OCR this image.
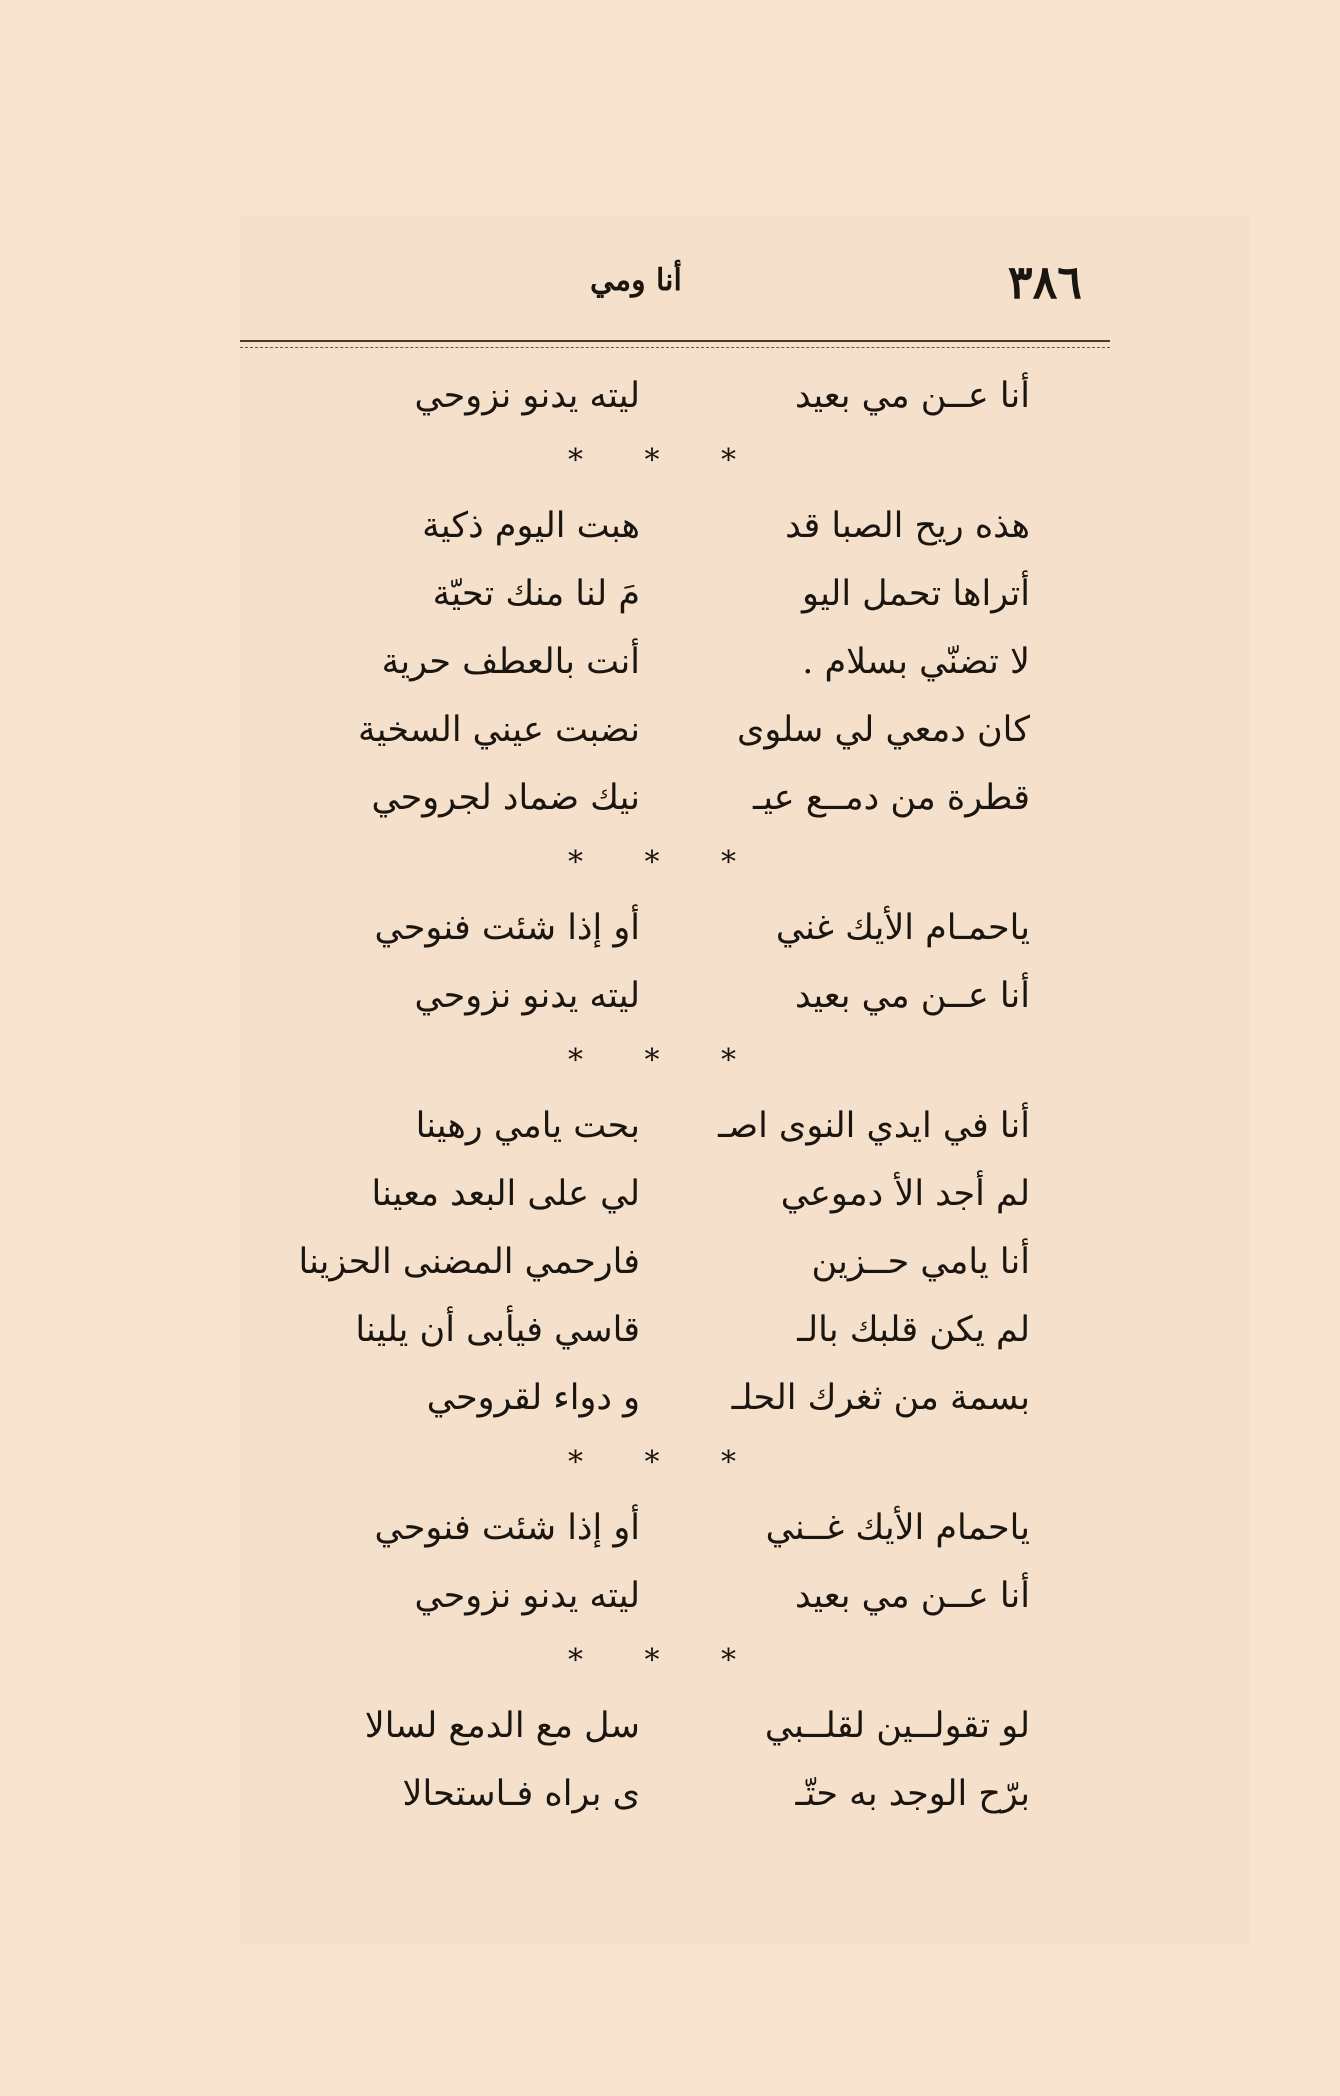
٣٨٦
أنا ومي
أنا عــن مي بعيد
ليته يدنو نزوحي
* * *
هذه ريح الصبا قد
هبت اليوم ذكية
أتراها تحمل اليو
مَ لنا منك تحيّة
لا تضنّي بسلام .
أنت بالعطف حرية
كان دمعي لي سلوى
نضبت عيني السخية
قطرة من دمــع عيـ
نيك ضماد لجروحي
* * *
ياحمـام الأيك غني
أو إذا شئت فنوحي
أنا عــن مي بعيد
ليته يدنو نزوحي
* * *
أنا في ايدي النوى اصـ
بحت يامي رهينا
لم أجد الأ دموعي
لي على البعد معينا
أنا يامي حــزين
فارحمي المضنى الحزينا
لم يكن قلبك بالـ
قاسي فيأبى أن يلينا
بسمة من ثغرك الحلـ
و دواء لقروحي
* * *
ياحمام الأيك غــني
أو إذا شئت فنوحي
أنا عــن مي بعيد
ليته يدنو نزوحي
* * *
لو تقولــين لقلــبي
سل مع الدمع لسالا
برّح الوجد به حتّـ
ى براه فـاستحالا
